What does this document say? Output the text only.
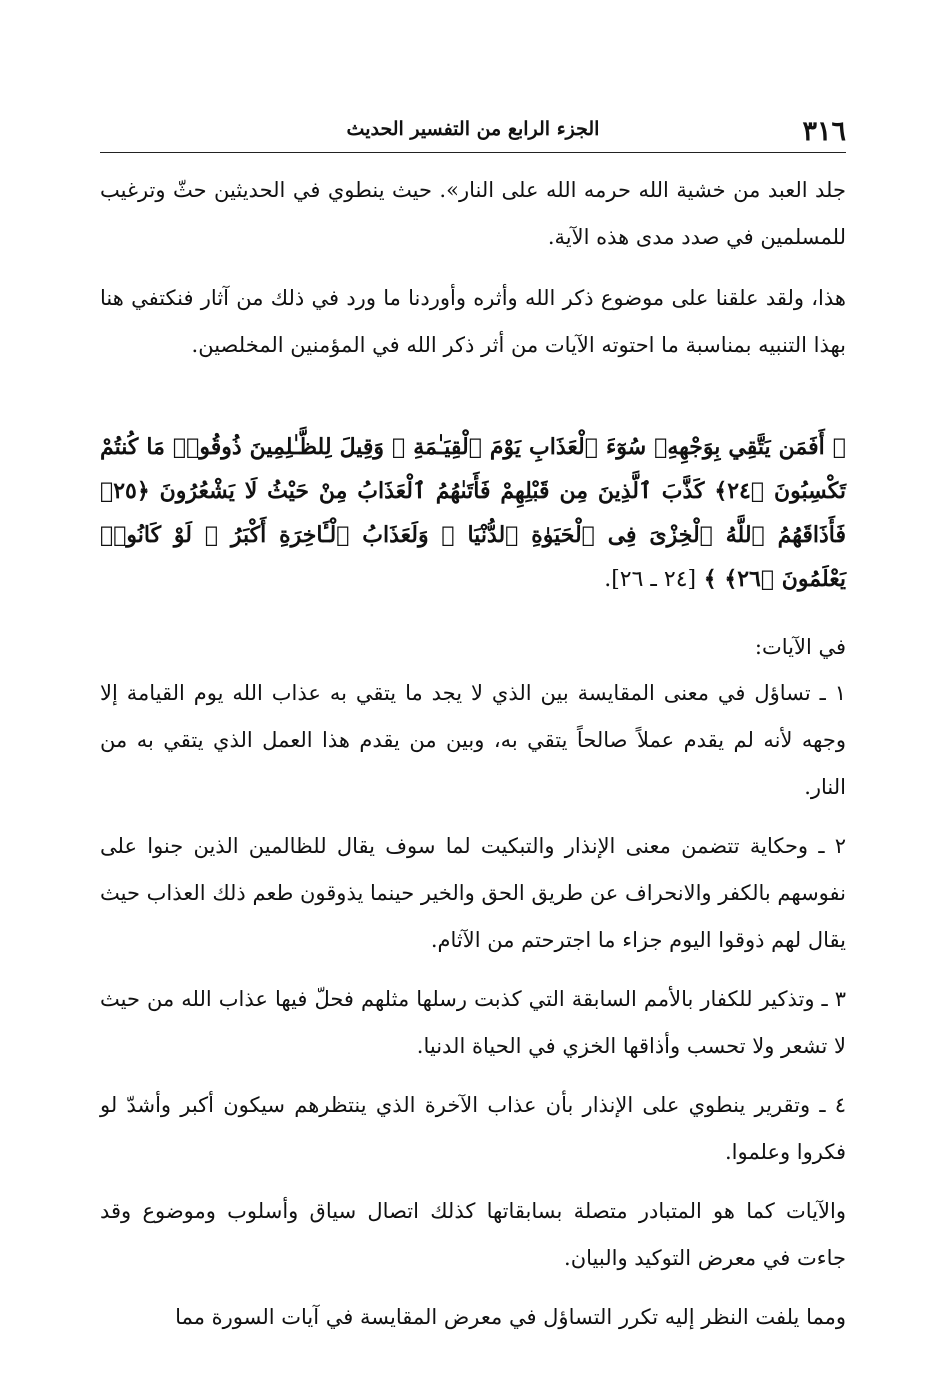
٣١٦
الجزء الرابع من التفسير الحديث

جلد العبد من خشية الله حرمه الله على النار». حيث ينطوي في الحديثين حثّ وترغيب للمسلمين في صدد مدى هذه الآية.

هذا، ولقد علقنا على موضوع ذكر الله وأثره وأوردنا ما ورد في ذلك من آثار فنكتفي هنا بهذا التنبيه بمناسبة ما احتوته الآيات من أثر ذكر الله في المؤمنين المخلصين.

﴿ أَفَمَن يَتَّقِي بِوَجْهِهِۦ سُوٓءَ ٱلْعَذَابِ يَوْمَ ٱلْقِيَـٰمَةِ ۚ وَقِيلَ لِلظَّـٰلِمِينَ ذُوقُوا۟ مَا كُنتُمْ تَكْسِبُونَ ﴿٢٤﴾ كَذَّبَ ٱلَّذِينَ مِن قَبْلِهِمْ فَأَتَىٰهُمُ ٱلْعَذَابُ مِنْ حَيْثُ لَا يَشْعُرُونَ ﴿٢٥﴾ فَأَذَاقَهُمُ ٱللَّهُ ٱلْخِزْىَ فِى ٱلْحَيَوٰةِ ٱلدُّنْيَا ۖ وَلَعَذَابُ ٱلْـَٔاخِرَةِ أَكْبَرُ ۚ لَوْ كَانُوا۟ يَعْلَمُونَ ﴿٢٦﴾ ﴾ [٢٤ ـ ٢٦].

في الآيات:

١ ـ تساؤل في معنى المقايسة بين الذي لا يجد ما يتقي به عذاب الله يوم القيامة إلا وجهه لأنه لم يقدم عملاً صالحاً يتقي به، وبين من يقدم هذا العمل الذي يتقي به من النار.

٢ ـ وحكاية تتضمن معنى الإنذار والتبكيت لما سوف يقال للظالمين الذين جنوا على نفوسهم بالكفر والانحراف عن طريق الحق والخير حينما يذوقون طعم ذلك العذاب حيث يقال لهم ذوقوا اليوم جزاء ما اجترحتم من الآثام.

٣ ـ وتذكير للكفار بالأمم السابقة التي كذبت رسلها مثلهم فحلّ فيها عذاب الله من حيث لا تشعر ولا تحسب وأذاقها الخزي في الحياة الدنيا.

٤ ـ وتقرير ينطوي على الإنذار بأن عذاب الآخرة الذي ينتظرهم سيكون أكبر وأشدّ لو فكروا وعلموا.

والآيات كما هو المتبادر متصلة بسابقاتها كذلك اتصال سياق وأسلوب وموضوع وقد جاءت في معرض التوكيد والبيان.

ومما يلفت النظر إليه تكرر التساؤل في معرض المقايسة في آيات السورة مما
